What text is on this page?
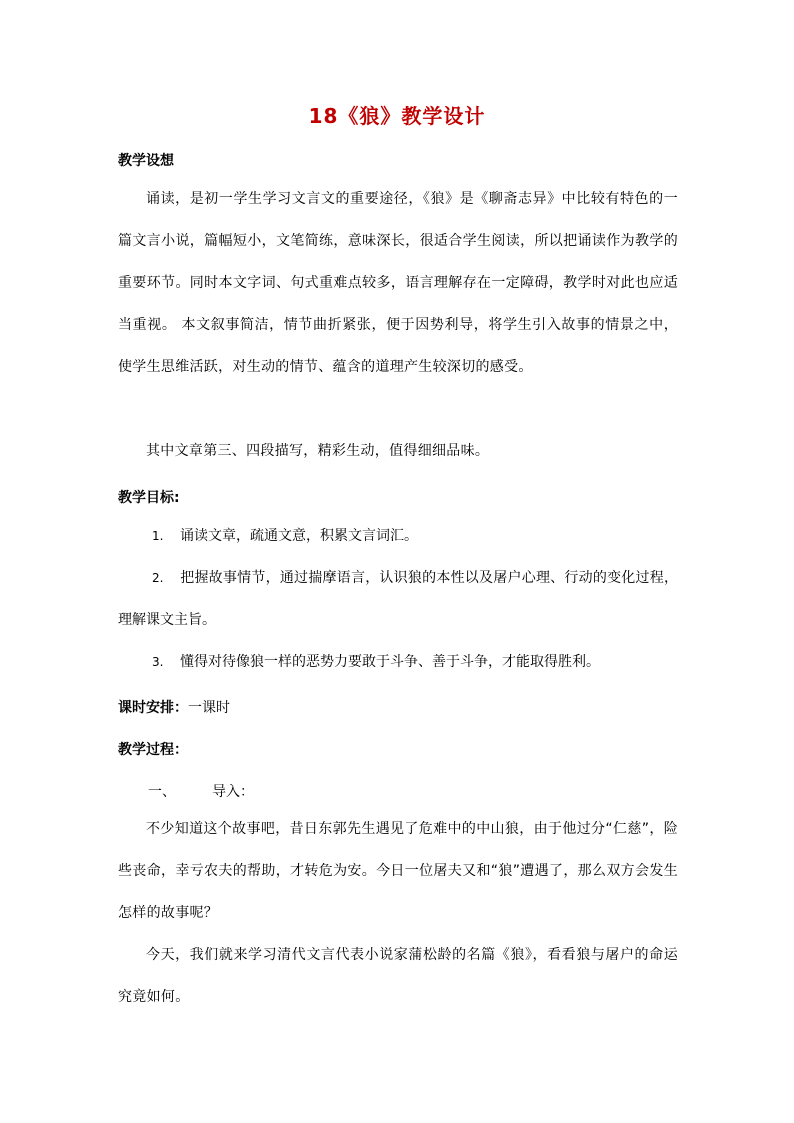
18《狼》教学设计
教学设想
诵读，是初一学生学习文言文的重要途径，《狼》是《聊斋志异》中比较有特色的一篇文言小说，篇幅短小，文笔简练，意味深长，很适合学生阅读，所以把诵读作为教学的重要环节。同时本文字词、句式重难点较多，语言理解存在一定障碍，教学时对此也应适当重视。 本文叙事简洁，情节曲折紧张，便于因势利导，将学生引入故事的情景之中，使学生思维活跃，对生动的情节、蕴含的道理产生较深切的感受。
其中文章第三、四段描写，精彩生动，值得细细品味。
教学目标:
1. 诵读文章，疏通文意，积累文言词汇。
2. 把握故事情节，通过揣摩语言，认识狼的本性以及屠户心理、行动的变化过程，理解课文主旨。
3. 懂得对待像狼一样的恶势力要敢于斗争、善于斗争，才能取得胜利。
课时安排：一课时
教学过程：
一、	导入：
不少知道这个故事吧，昔日东郭先生遇见了危难中的中山狼，由于他过分“仁慈”，险些丧命，幸亏农夫的帮助，才转危为安。今日一位屠夫又和“狼”遭遇了，那么双方会发生怎样的故事呢？
今天，我们就来学习清代文言代表小说家蒲松龄的名篇《狼》，看看狼与屠户的命运究竟如何。
